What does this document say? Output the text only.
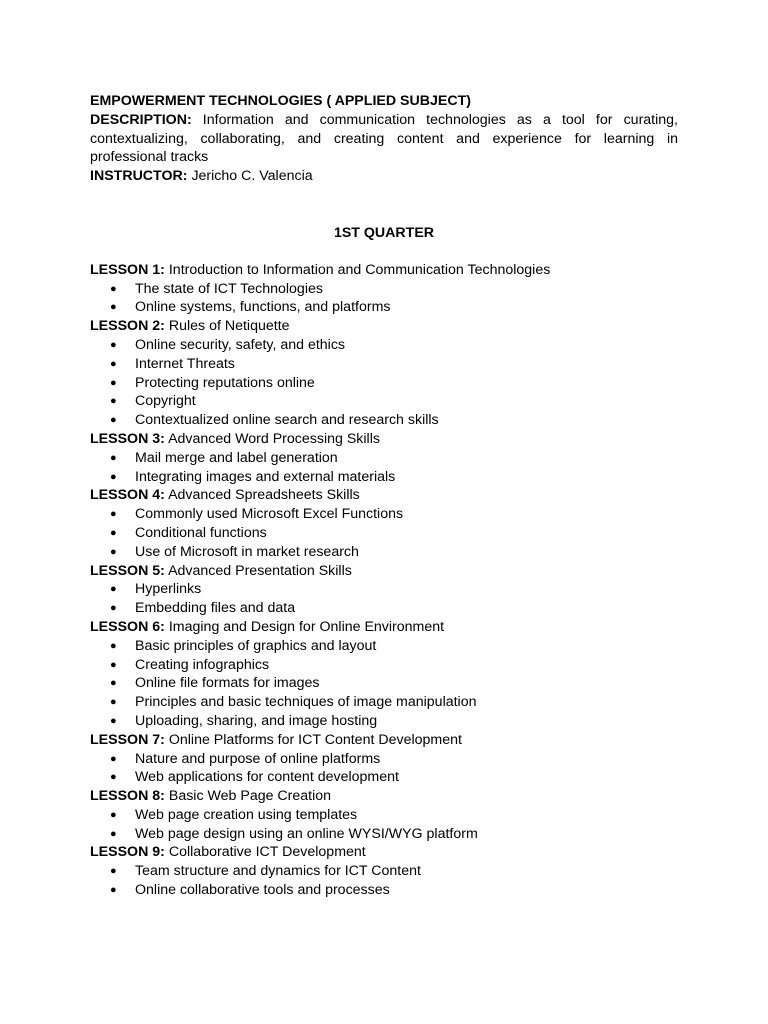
EMPOWERMENT TECHNOLOGIES ( APPLIED SUBJECT)
DESCRIPTION: Information and communication technologies as a tool for curating, contextualizing, collaborating, and creating content and experience for learning in professional tracks
INSTRUCTOR: Jericho C. Valencia
1ST QUARTER
LESSON 1: Introduction to Information and Communication Technologies
● The state of ICT Technologies
● Online systems, functions, and platforms
LESSON 2: Rules of Netiquette
● Online security, safety, and ethics
● Internet Threats
● Protecting reputations online
● Copyright
● Contextualized online search and research skills
LESSON 3: Advanced Word Processing Skills
● Mail merge and label generation
● Integrating images and external materials
LESSON 4: Advanced Spreadsheets Skills
● Commonly used Microsoft Excel Functions
● Conditional functions
● Use of Microsoft in market research
LESSON 5: Advanced Presentation Skills
● Hyperlinks
● Embedding files and data
LESSON 6: Imaging and Design for Online Environment
● Basic principles of graphics and layout
● Creating infographics
● Online file formats for images
● Principles and basic techniques of image manipulation
● Uploading, sharing, and image hosting
LESSON 7: Online Platforms for ICT Content Development
● Nature and purpose of online platforms
● Web applications for content development
LESSON 8: Basic Web Page Creation
● Web page creation using templates
● Web page design using an online WYSI/WYG platform
LESSON 9: Collaborative ICT Development
● Team structure and dynamics for ICT Content
● Online collaborative tools and processes
